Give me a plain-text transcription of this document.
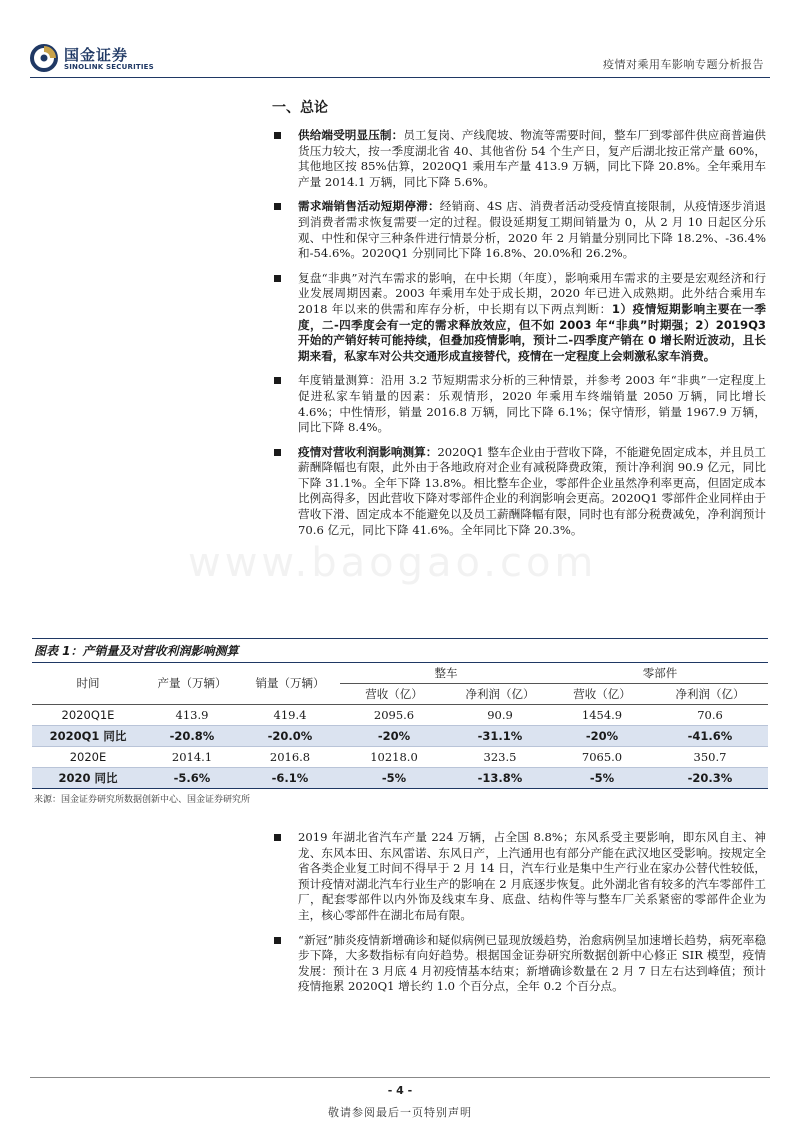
国金证券
SINOLINK SECURITIES	疫情对乘用车影响专题分析报告
www.baogao.com
一、总论
供给端受明显压制：员工复岗、产线爬坡、物流等需要时间，整车厂到零部件供应商普遍供货压力较大，按一季度湖北省 40、其他省份 54 个生产日，复产后湖北按正常产量 60%，其他地区按 85%估算，2020Q1 乘用车产量 413.9 万辆，同比下降 20.8%。全年乘用车产量 2014.1 万辆，同比下降 5.6%。
需求端销售活动短期停滞：经销商、4S 店、消费者活动受疫情直接限制，从疫情逐步消退到消费者需求恢复需要一定的过程。假设延期复工期间销量为 0，从 2 月 10 日起区分乐观、中性和保守三种条件进行情景分析，2020 年 2 月销量分别同比下降 18.2%、-36.4%和-54.6%。2020Q1 分别同比下降 16.8%、20.0%和 26.2%。
复盘“非典”对汽车需求的影响，在中长期（年度），影响乘用车需求的主要是宏观经济和行业发展周期因素。2003 年乘用车处于成长期，2020 年已进入成熟期。此外结合乘用车 2018 年以来的供需和库存分析，中长期有以下两点判断：1）疫情短期影响主要在一季度，二-四季度会有一定的需求释放效应，但不如 2003 年“非典”时期强；2）2019Q3 开始的产销好转可能持续，但叠加疫情影响，预计二-四季度产销在 0 增长附近波动，且长期来看，私家车对公共交通形成直接替代，疫情在一定程度上会刺激私家车消费。
年度销量测算：沿用 3.2 节短期需求分析的三种情景，并参考 2003 年“非典”一定程度上促进私家车销量的因素：乐观情形，2020 年乘用车终端销量 2050 万辆，同比增长 4.6%；中性情形，销量 2016.8 万辆，同比下降 6.1%；保守情形，销量 1967.9 万辆，同比下降 8.4%。
疫情对营收利润影响测算：2020Q1 整车企业由于营收下降，不能避免固定成本，并且员工薪酬降幅也有限，此外由于各地政府对企业有减税降费政策，预计净利润 90.9 亿元，同比下降 31.1%。全年下降 13.8%。相比整车企业，零部件企业虽然净利率更高，但固定成本比例高得多，因此营收下降对零部件企业的利润影响会更高。2020Q1 零部件企业同样由于营收下滑、固定成本不能避免以及员工薪酬降幅有限，同时也有部分税费减免，净利润预计 70.6 亿元，同比下降 41.6%。全年同比下降 20.3%。
图表 1：产销量及对营收利润影响测算
时间	产量（万辆）	销量（万辆）	整车		零部件	
			营收（亿）	净利润（亿）	营收（亿）	净利润（亿）
2020Q1E	413.9	419.4	2095.6	90.9	1454.9	70.6
2020Q1 同比	-20.8%	-20.0%	-20%	-31.1%	-20%	-41.6%
2020E	2014.1	2016.8	10218.0	323.5	7065.0	350.7
2020 同比	-5.6%	-6.1%	-5%	-13.8%	-5%	-20.3%
来源：国金证券研究所数据创新中心、国金证券研究所
2019 年湖北省汽车产量 224 万辆，占全国 8.8%；东风系受主要影响，即东风自主、神龙、东风本田、东风雷诺、东风日产，上汽通用也有部分产能在武汉地区受影响。按规定全省各类企业复工时间不得早于 2 月 14 日，汽车行业是集中生产行业在家办公替代性较低，预计疫情对湖北汽车行业生产的影响在 2 月底逐步恢复。此外湖北省有较多的汽车零部件工厂，配套零部件以内外饰及线束车身、底盘、结构件等与整车厂关系紧密的零部件企业为主，核心零部件在湖北布局有限。
“新冠”肺炎疫情新增确诊和疑似病例已显现放缓趋势，治愈病例呈加速增长趋势，病死率稳步下降，大多数指标有向好趋势。根据国金证券研究所数据创新中心修正 SIR 模型，疫情发展：预计在 3 月底 4 月初疫情基本结束；新增确诊数量在 2 月 7 日左右达到峰值；预计疫情拖累 2020Q1 增长约 1.0 个百分点，全年 0.2 个百分点。
- 4 -
敬请参阅最后一页特别声明
